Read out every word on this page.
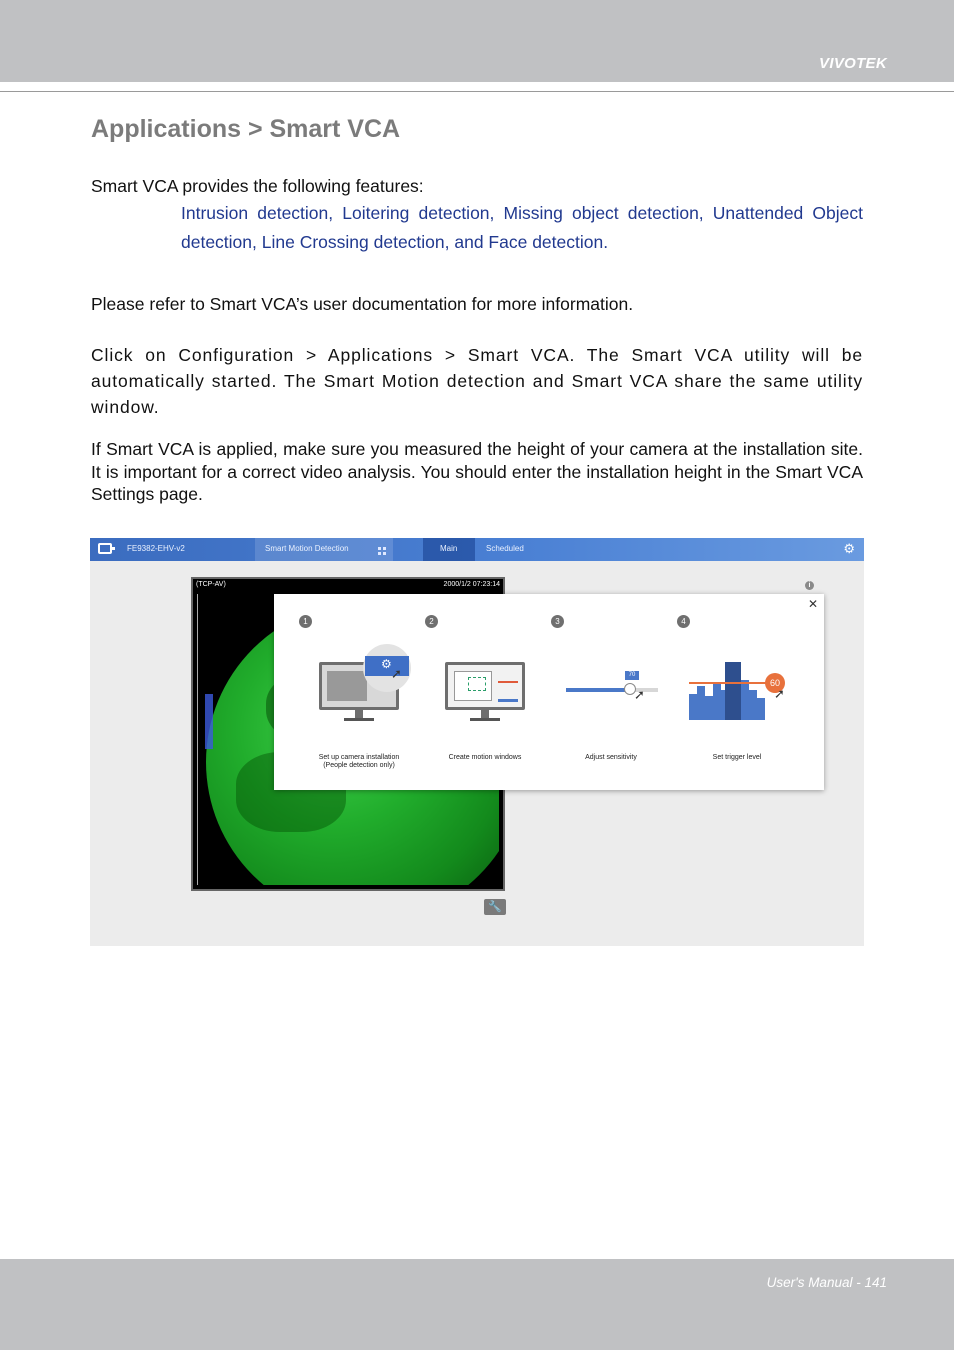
VIVOTEK
Applications > Smart VCA
Smart VCA provides the following features:
Intrusion detection, Loitering detection, Missing object detection, Unattended Object detection, Line Crossing detection, and Face detection.
Please refer to Smart VCA’s user documentation for more information.
Click on Configuration > Applications > Smart VCA. The Smart VCA utility will be automatically started. The Smart Motion detection and Smart VCA share the same utility window.
If Smart VCA is applied, make sure you measured the height of your camera at the installation site. It is important for a correct video analysis. You should enter the installation height in the Smart VCA Settings page.
FE9382-EHV-v2	Smart Motion Detection	Main	Scheduled	⚙
(TCP-AV)	2000/1/2 07:23:14
🔧
i
✕
1
⚙
➚
Set up camera installation
(People detection only)
2
Create motion windows
3
70
➚
Adjust sensitivity
4
60
➚
Set trigger level
User's Manual - 141
